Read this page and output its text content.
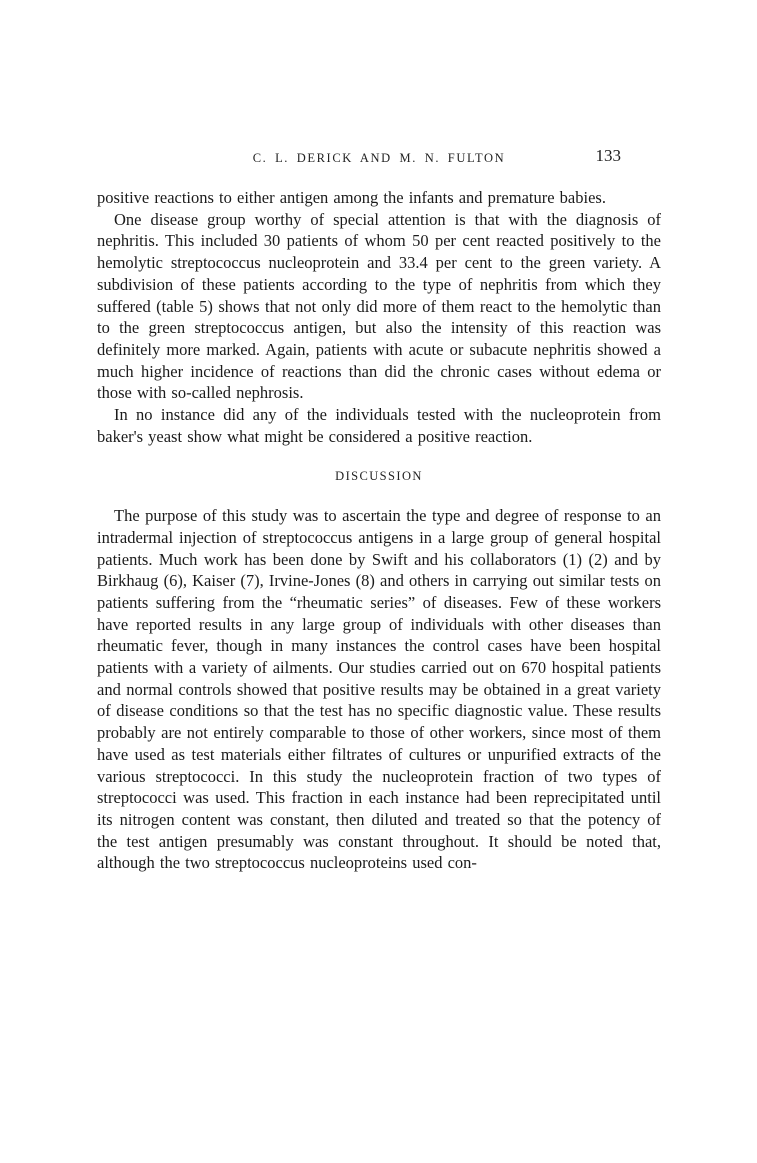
C. L. DERICK AND M. N. FULTON	133

positive reactions to either antigen among the infants and premature babies.

One disease group worthy of special attention is that with the diagnosis of nephritis. This included 30 patients of whom 50 per cent reacted positively to the hemolytic streptococcus nucleoprotein and 33.4 per cent to the green variety. A subdivision of these patients according to the type of nephritis from which they suffered (table 5) shows that not only did more of them react to the hemolytic than to the green streptococcus antigen, but also the intensity of this reaction was definitely more marked. Again, patients with acute or subacute nephritis showed a much higher incidence of reactions than did the chronic cases without edema or those with so-called nephrosis.

In no instance did any of the individuals tested with the nucleoprotein from baker's yeast show what might be considered a positive reaction.

DISCUSSION

The purpose of this study was to ascertain the type and degree of response to an intradermal injection of streptococcus antigens in a large group of general hospital patients. Much work has been done by Swift and his collaborators (1) (2) and by Birkhaug (6), Kaiser (7), Irvine-Jones (8) and others in carrying out similar tests on patients suffering from the “rheumatic series” of diseases. Few of these workers have reported results in any large group of individuals with other diseases than rheumatic fever, though in many instances the control cases have been hospital patients with a variety of ailments. Our studies carried out on 670 hospital patients and normal controls showed that positive results may be obtained in a great variety of disease conditions so that the test has no specific diagnostic value. These results probably are not entirely comparable to those of other workers, since most of them have used as test materials either filtrates of cultures or unpurified extracts of the various streptococci. In this study the nucleoprotein fraction of two types of streptococci was used. This fraction in each instance had been reprecipitated until its nitrogen content was constant, then diluted and treated so that the potency of the test antigen presumably was constant throughout. It should be noted that, although the two streptococcus nucleoproteins used con-
